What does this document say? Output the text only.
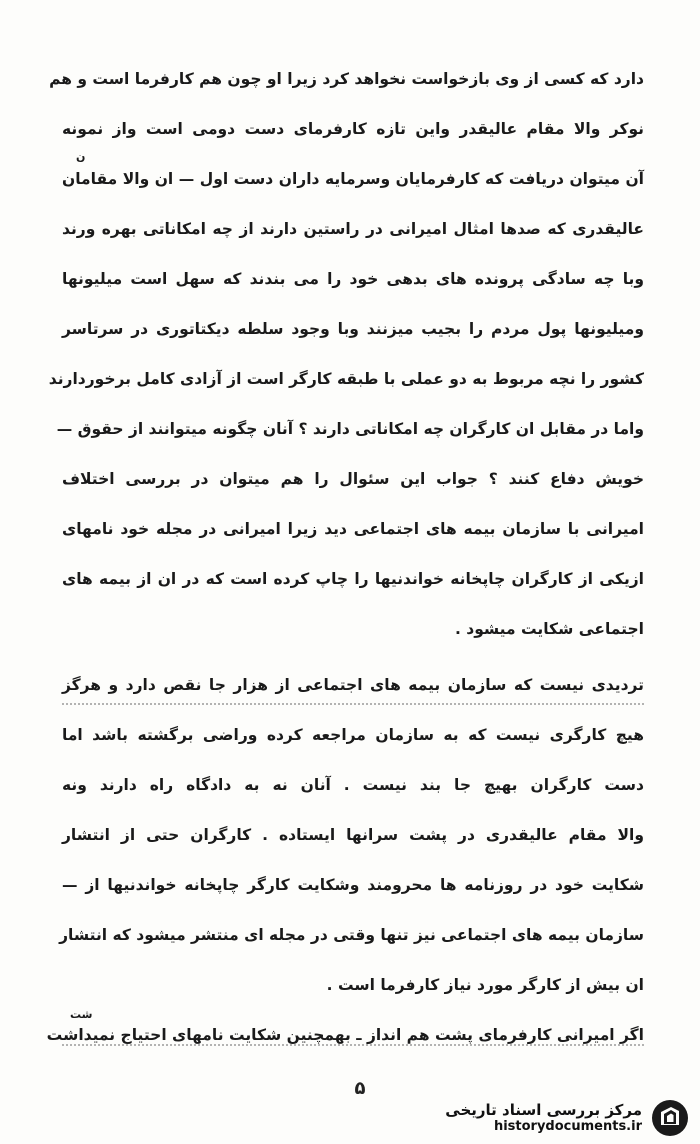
دارد که کسی از وی بازخواست نخواهد کرد زیرا او چون هم کارفرما است و هم
نوکر والا مقام عالیقدر واین تازه کارفرمای دست دومی است واز نمونه
ن
آن میتوان دریافت که کارفرمایان وسرمایه داران دست اول — ان والا مقامان
عالیقدری که صدها امثال امیرانی در راستین دارند از چه امکاناتی بهره ورند
وبا چه سادگی پرونده های بدهی خود را می بندند که سهل است میلیونها
ومیلیونها پول مردم را بجیب میزنند وبا وجود سلطه دیکتاتوری در سرتاسر
کشور را نچه مربوط به دو عملی با طبقه کارگر است از آزادی کامل برخوردارند
واما در مقابل ان کارگران چه امکاناتی دارند ؟ آنان چگونه میتوانند از حقوق —
خویش دفاع کنند ؟ جواب این سئوال را هم میتوان در بررسی اختلاف
امیرانی با سازمان بیمه های اجتماعی دید زیرا امیرانی در مجله خود نامهای
ازیکی از کارگران چاپخانه خواندنیها را چاپ کرده است که در ان از بیمه های
اجتماعی شکایت میشود .
تردیدی نیست که سازمان بیمه های اجتماعی از هزار جا نقص دارد و هرگز
هیچ کارگری نیست که به سازمان مراجعه کرده وراضی برگشته باشد اما
دست کارگران بهیچ جا بند نیست . آنان نه به دادگاه راه دارند ونه
والا مقام عالیقدری در پشت سرانها ایستاده . کارگران حتی از انتشار
شکایت خود در روزنامه ها محرومند وشکایت کارگر چاپخانه خواندنیها از —
سازمان بیمه های اجتماعی نیز تنها وقتی در مجله ای منتشر میشود که انتشار
ان بیش از کارگر مورد نیاز کارفرما است .
شت
اگر امیرانی کارفرمای پشت هم انداز ـ بهمچنین شکایت نامهای احتیاج نمیداشت
۵
مرکز بررسی اسناد تاریخی
historydocuments.ir
